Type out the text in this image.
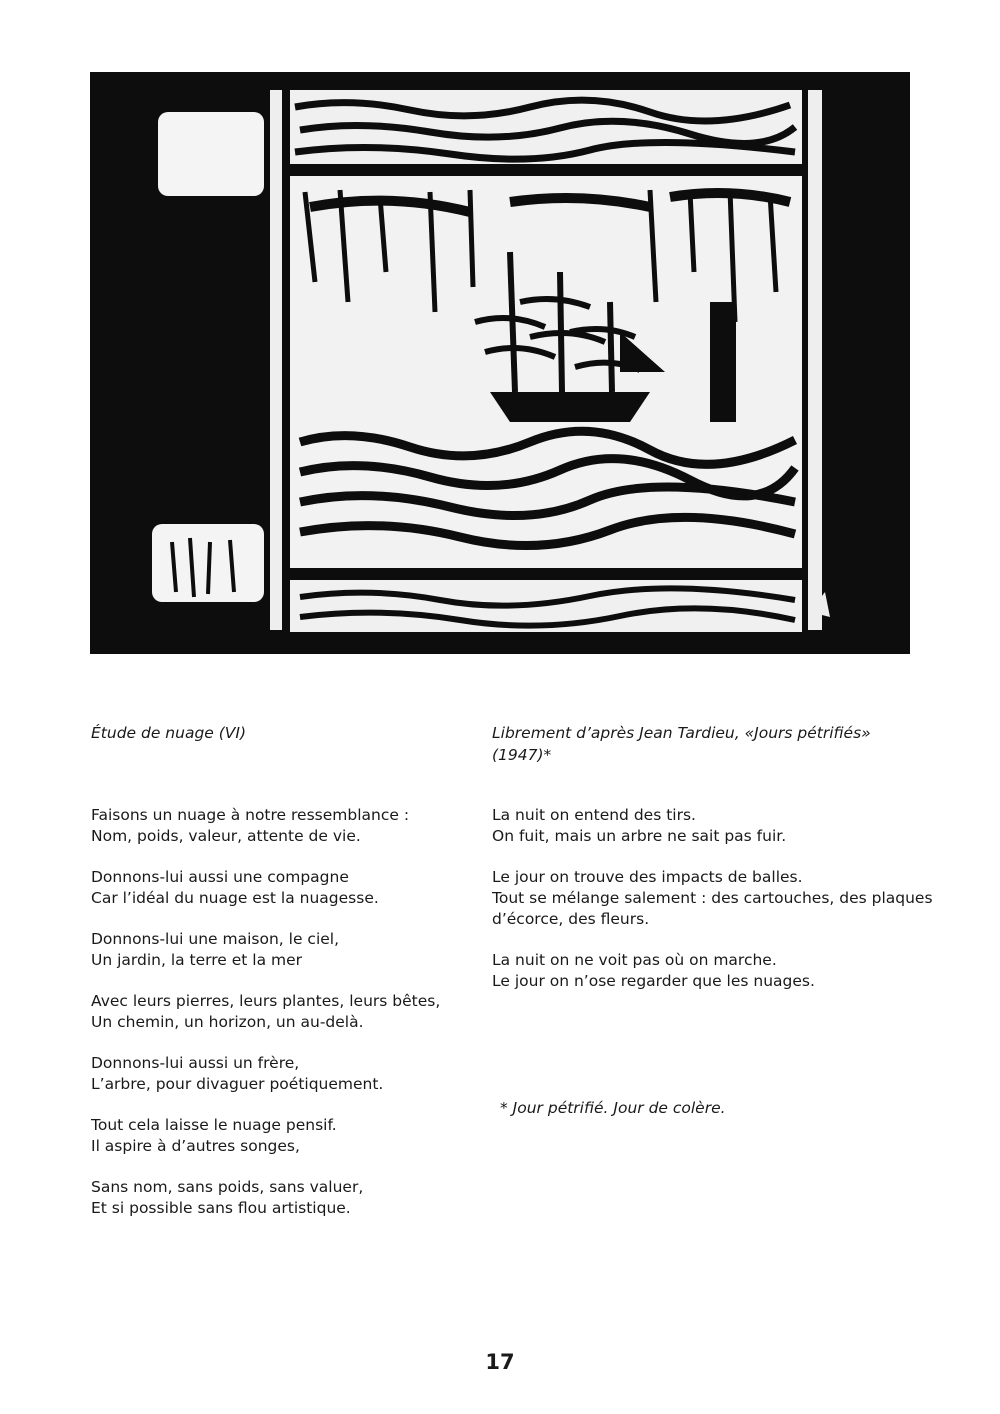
Étude de nuage (VI)
Faisons un nuage à notre ressemblance :
Nom, poids, valeur, attente de vie.
Donnons-lui aussi une compagne
Car l’idéal du nuage est la nuagesse.
Donnons-lui une maison, le ciel,
Un jardin, la terre et la mer
Avec leurs pierres, leurs plantes, leurs bêtes,
Un chemin, un horizon, un au-delà.
Donnons-lui aussi un frère,
L’arbre, pour divaguer poétiquement.
Tout cela laisse le nuage pensif.
Il aspire à d’autres songes,
Sans nom, sans poids, sans valuer,
Et si possible sans flou artistique.
Librement d’après Jean Tardieu, «Jours pétrifiés»
(1947)*
La nuit on entend des tirs.
On fuit, mais un arbre ne sait pas fuir.
Le jour on trouve des impacts de balles.
Tout se mélange salement : des cartouches, des plaques
d’écorce, des fleurs.
La nuit on ne voit pas où on marche.
Le jour on n’ose regarder que les nuages.
* Jour pétrifié. Jour de colère.
17
